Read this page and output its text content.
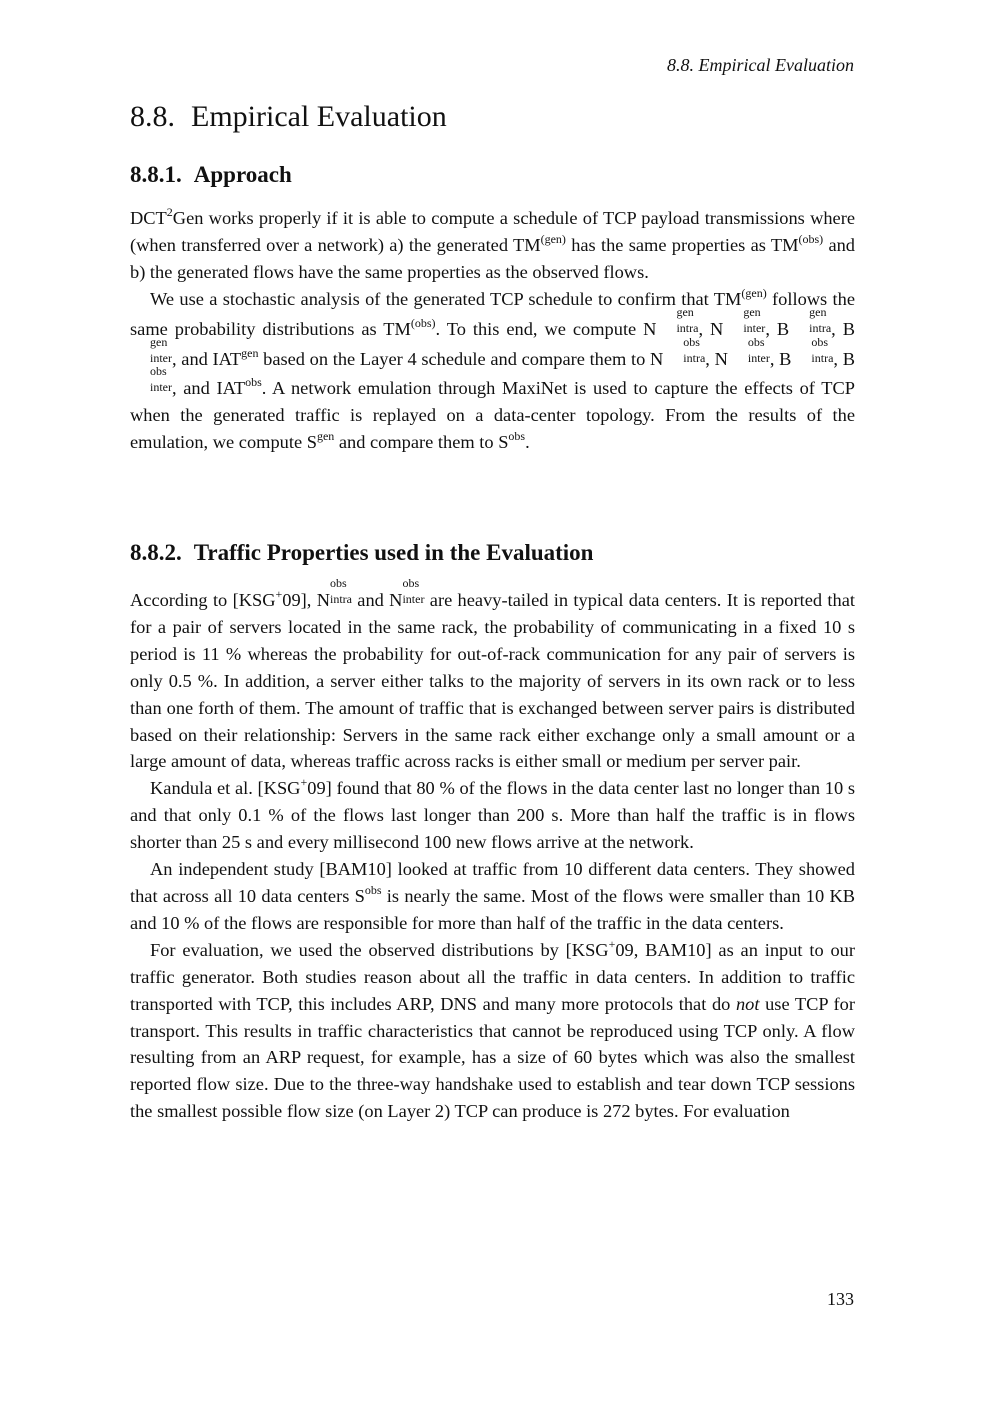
8.8. Empirical Evaluation
8.8. Empirical Evaluation
8.8.1. Approach

DCT$^2$Gen works properly if it is able to compute a schedule of TCP payload transmissions where (when transferred over a network) a) the generated $TM^{(gen)}$ has the same properties as $TM^{(obs)}$ and b) the generated flows have the same properties as the observed flows.

We use a stochastic analysis of the generated TCP schedule to confirm that $TM^{(gen)}$ follows the same probability distributions as $TM^{(obs)}$. To this end, we compute N
gen
intra , N
gen
inter , B
gen
intra , B
gen
inter , and $IAT^{gen}$ based on the Layer 4 schedule and compare them to N
obs
intra , N
obs
inter , B
obs
intra , B
obs
inter , and $IAT^{obs}$. A network emulation through MaxiNet is used to capture the effects of TCP when the generated traffic is replayed on a data-center topology. From the results of the emulation, we compute $S^{gen}$ and compare them to $S^{obs}$.

8.8.2. Traffic Properties used in the Evaluation

According to [KSG+09], N
obs
intra and N
obs
inter are heavy-tailed in typical data centers. It is reported that for a pair of servers located in the same rack, the probability of communicating in a fixed 10 s period is 11 % whereas the probability for out-of-rack communication for any pair of servers is only 0.5 %. In addition, a server either talks to the majority of servers in its own rack or to less than one forth of them. The amount of traffic that is exchanged between server pairs is distributed based on their relationship: Servers in the same rack either exchange only a small amount or a large amount of data, whereas traffic across racks is either small or medium per server pair.

Kandula et al. [KSG+09] found that 80 % of the flows in the data center last no longer than 10 s and that only 0.1 % of the flows last longer than 200 s. More than half the traffic is in flows shorter than 25 s and every millisecond 100 new flows arrive at the network.

An independent study [BAM10] looked at traffic from 10 different data centers. They showed that across all 10 data centers $S^{obs}$ is nearly the same. Most of the flows were smaller than 10 KB and 10 % of the flows are responsible for more than half of the traffic in the data centers.

For evaluation, we used the observed distributions by [KSG+09, BAM10] as an input to our traffic generator. Both studies reason about all the traffic in data centers. In addition to traffic transported with TCP, this includes ARP, DNS and many more protocols that do not use TCP for transport. This results in traffic characteristics that cannot be reproduced using TCP only. A flow resulting from an ARP request, for example, has a size of 60 bytes which was also the smallest reported flow size. Due to the three-way handshake used to establish and tear down TCP sessions the smallest possible flow size (on Layer 2) TCP can produce is 272 bytes. For evaluation

133
